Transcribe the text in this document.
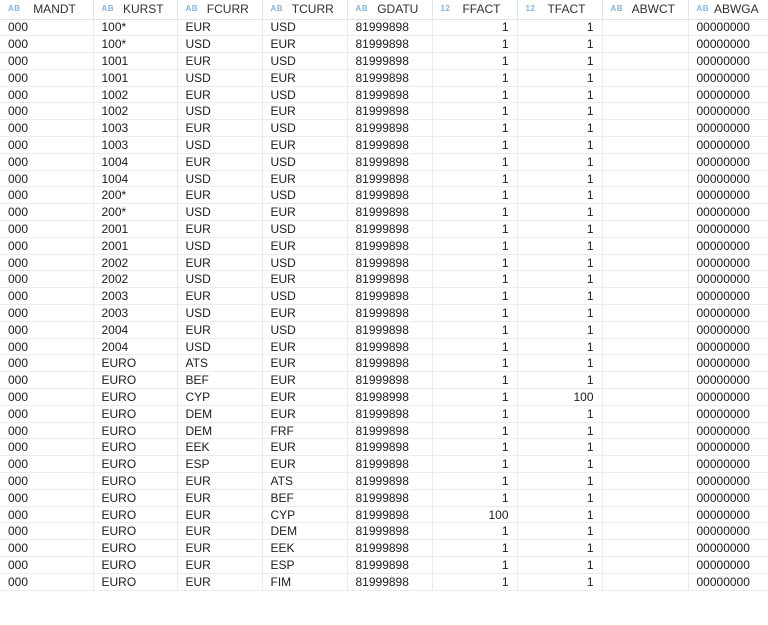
AB MANDT	AB KURST	AB FCURR	AB TCURR	AB GDATU	12 FFACT	12 TFACT	AB ABWCT	AB ABWGA

000	100*	EUR	USD	81999898	1	1		00000000
000	100*	USD	EUR	81999898	1	1		00000000
000	1001	EUR	USD	81999898	1	1		00000000
000	1001	USD	EUR	81999898	1	1		00000000
000	1002	EUR	USD	81999898	1	1		00000000
000	1002	USD	EUR	81999898	1	1		00000000
000	1003	EUR	USD	81999898	1	1		00000000
000	1003	USD	EUR	81999898	1	1		00000000
000	1004	EUR	USD	81999898	1	1		00000000
000	1004	USD	EUR	81999898	1	1		00000000
000	200*	EUR	USD	81999898	1	1		00000000
000	200*	USD	EUR	81999898	1	1		00000000
000	2001	EUR	USD	81999898	1	1		00000000
000	2001	USD	EUR	81999898	1	1		00000000
000	2002	EUR	USD	81999898	1	1		00000000
000	2002	USD	EUR	81999898	1	1		00000000
000	2003	EUR	USD	81999898	1	1		00000000
000	2003	USD	EUR	81999898	1	1		00000000
000	2004	EUR	USD	81999898	1	1		00000000
000	2004	USD	EUR	81999898	1	1		00000000
000	EURO	ATS	EUR	81999898	1	1		00000000
000	EURO	BEF	EUR	81999898	1	1		00000000
000	EURO	CYP	EUR	81998998	1	100		00000000
000	EURO	DEM	EUR	81999898	1	1		00000000
000	EURO	DEM	FRF	81999898	1	1		00000000
000	EURO	EEK	EUR	81999898	1	1		00000000
000	EURO	ESP	EUR	81999898	1	1		00000000
000	EURO	EUR	ATS	81999898	1	1		00000000
000	EURO	EUR	BEF	81999898	1	1		00000000
000	EURO	EUR	CYP	81999898	100	1		00000000
000	EURO	EUR	DEM	81999898	1	1		00000000
000	EURO	EUR	EEK	81999898	1	1		00000000
000	EURO	EUR	ESP	81999898	1	1		00000000
000	EURO	EUR	FIM	81999898	1	1		00000000
